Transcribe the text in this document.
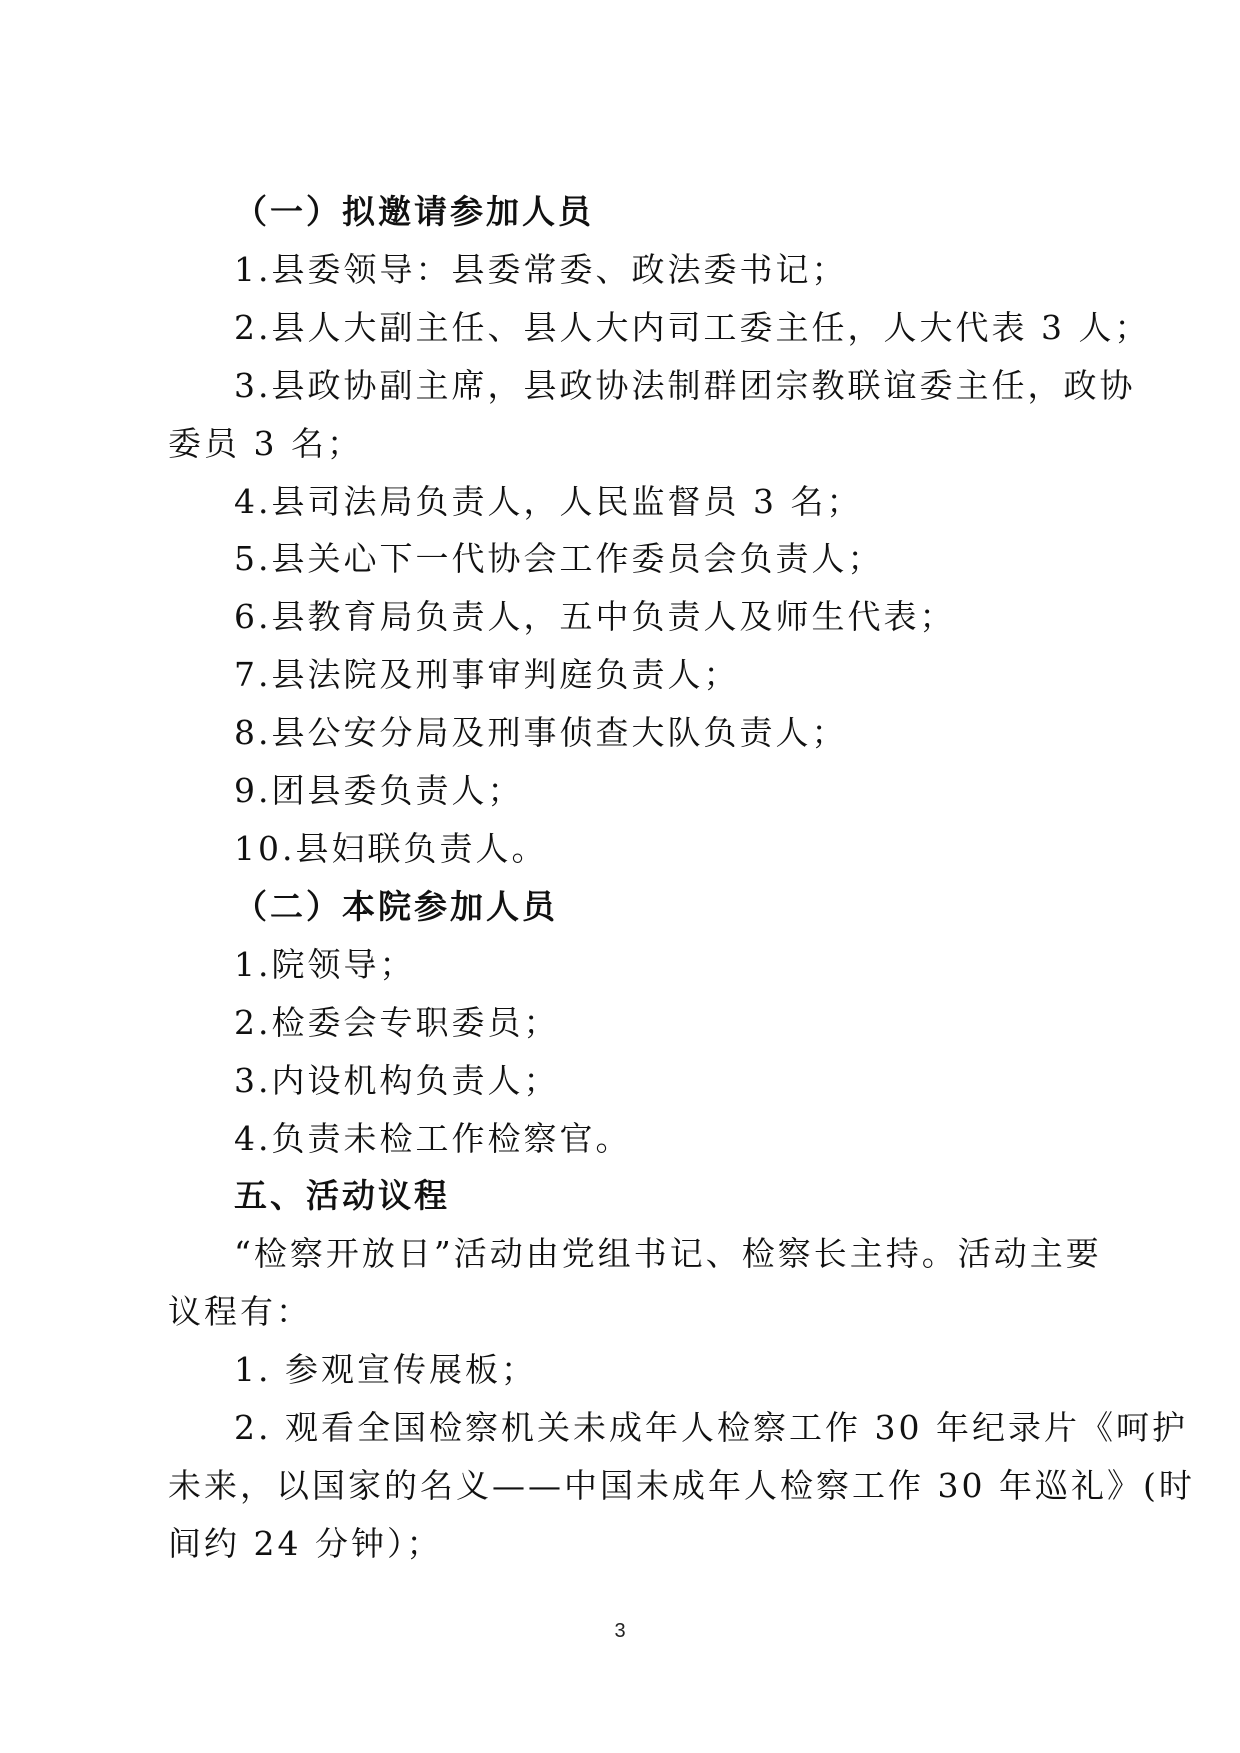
（一）拟邀请参加人员
1.县委领导：县委常委、政法委书记；
2.县人大副主任、县人大内司工委主任，人大代表 3 人；
3.县政协副主席，县政协法制群团宗教联谊委主任，政协
委员 3 名；
4.县司法局负责人，人民监督员 3 名；
5.县关心下一代协会工作委员会负责人；
6.县教育局负责人，五中负责人及师生代表；
7.县法院及刑事审判庭负责人；
8.县公安分局及刑事侦查大队负责人；
9.团县委负责人；
10.县妇联负责人。
（二）本院参加人员
1.院领导；
2.检委会专职委员；
3.内设机构负责人；
4.负责未检工作检察官。
五、活动议程
“检察开放日”活动由党组书记、检察长主持。活动主要
议程有：
1. 参观宣传展板；
2. 观看全国检察机关未成年人检察工作 30 年纪录片《呵护
未来，以国家的名义——中国未成年人检察工作 30 年巡礼》(时
间约 24 分钟）；
3
